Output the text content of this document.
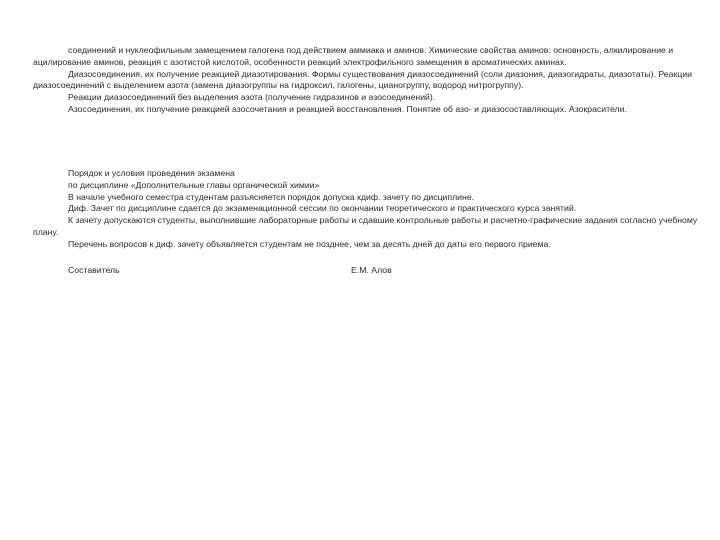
соединений и нуклеофильным замещением галогена под действием аммиака и аминов. Химические свойства аминов: основность, алкилирование и ацилирование аминов, реакция с азотистой кислотой, особенности реакций электрофильного замещения в ароматических аминах.

Диазосоединения, их получение реакцией диазотирования. Формы существования диазосоединений (соли диазония, диазогидраты, диазотаты). Реакции диазосоединений с выделением азота (замена диазогруппы на гидроксил, галогены, цианогруппу, водород нитрогруппу).

Реакции диазосоединений без выделения азота (получение гидразинов и азосоединений).

Азосоединения, их получение реакцией азосочетания и реакцией восстановления. Понятие об азо- и диазосоставляющих. Азокрасители.

Порядок и условия проведения экзамена

по дисциплине «Дополнительные главы органической химии»

В начале учебного семестра студентам разъясняется порядок допуска кдиф. зачету по дисциплине.

Диф. Зачет по дисциплине сдается до экзаменационной сессии по окончании теоретического и практического курса занятий.

К зачету допускаются студенты, выполнившие лабораторные работы и сдавшие контрольные работы и расчетно-графические задания согласно учебному плану.

Перечень вопросов к диф. зачету объявляется студентам не позднее, чем за десять дней до даты его первого приема.

Составитель	Е.М. Алов
